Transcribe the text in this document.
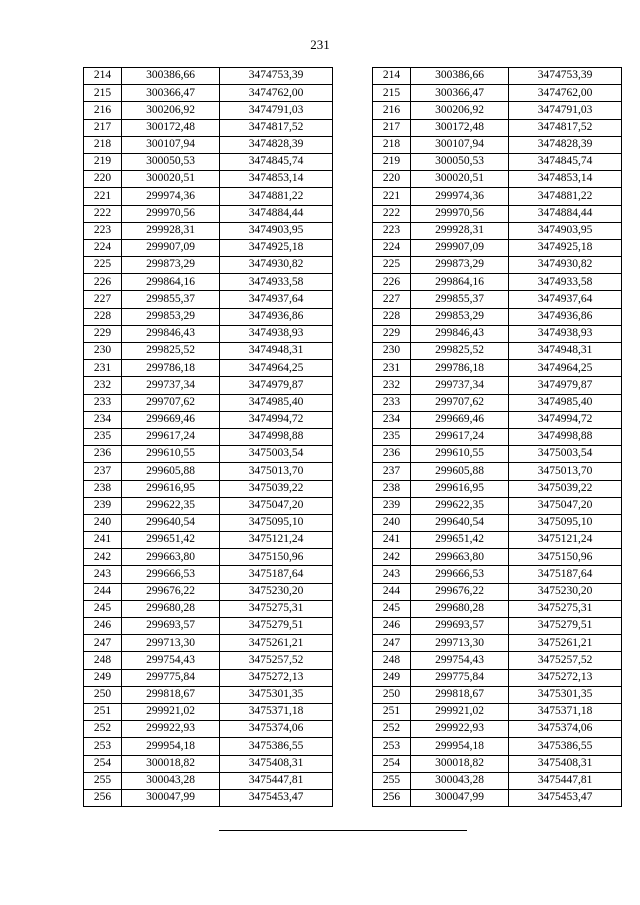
231
214	300386,66	3474753,39
215	300366,47	3474762,00
216	300206,92	3474791,03
217	300172,48	3474817,52
218	300107,94	3474828,39
219	300050,53	3474845,74
220	300020,51	3474853,14
221	299974,36	3474881,22
222	299970,56	3474884,44
223	299928,31	3474903,95
224	299907,09	3474925,18
225	299873,29	3474930,82
226	299864,16	3474933,58
227	299855,37	3474937,64
228	299853,29	3474936,86
229	299846,43	3474938,93
230	299825,52	3474948,31
231	299786,18	3474964,25
232	299737,34	3474979,87
233	299707,62	3474985,40
234	299669,46	3474994,72
235	299617,24	3474998,88
236	299610,55	3475003,54
237	299605,88	3475013,70
238	299616,95	3475039,22
239	299622,35	3475047,20
240	299640,54	3475095,10
241	299651,42	3475121,24
242	299663,80	3475150,96
243	299666,53	3475187,64
244	299676,22	3475230,20
245	299680,28	3475275,31
246	299693,57	3475279,51
247	299713,30	3475261,21
248	299754,43	3475257,52
249	299775,84	3475272,13
250	299818,67	3475301,35
251	299921,02	3475371,18
252	299922,93	3475374,06
253	299954,18	3475386,55
254	300018,82	3475408,31
255	300043,28	3475447,81
256	300047,99	3475453,47
214	300386,66	3474753,39
215	300366,47	3474762,00
216	300206,92	3474791,03
217	300172,48	3474817,52
218	300107,94	3474828,39
219	300050,53	3474845,74
220	300020,51	3474853,14
221	299974,36	3474881,22
222	299970,56	3474884,44
223	299928,31	3474903,95
224	299907,09	3474925,18
225	299873,29	3474930,82
226	299864,16	3474933,58
227	299855,37	3474937,64
228	299853,29	3474936,86
229	299846,43	3474938,93
230	299825,52	3474948,31
231	299786,18	3474964,25
232	299737,34	3474979,87
233	299707,62	3474985,40
234	299669,46	3474994,72
235	299617,24	3474998,88
236	299610,55	3475003,54
237	299605,88	3475013,70
238	299616,95	3475039,22
239	299622,35	3475047,20
240	299640,54	3475095,10
241	299651,42	3475121,24
242	299663,80	3475150,96
243	299666,53	3475187,64
244	299676,22	3475230,20
245	299680,28	3475275,31
246	299693,57	3475279,51
247	299713,30	3475261,21
248	299754,43	3475257,52
249	299775,84	3475272,13
250	299818,67	3475301,35
251	299921,02	3475371,18
252	299922,93	3475374,06
253	299954,18	3475386,55
254	300018,82	3475408,31
255	300043,28	3475447,81
256	300047,99	3475453,47
